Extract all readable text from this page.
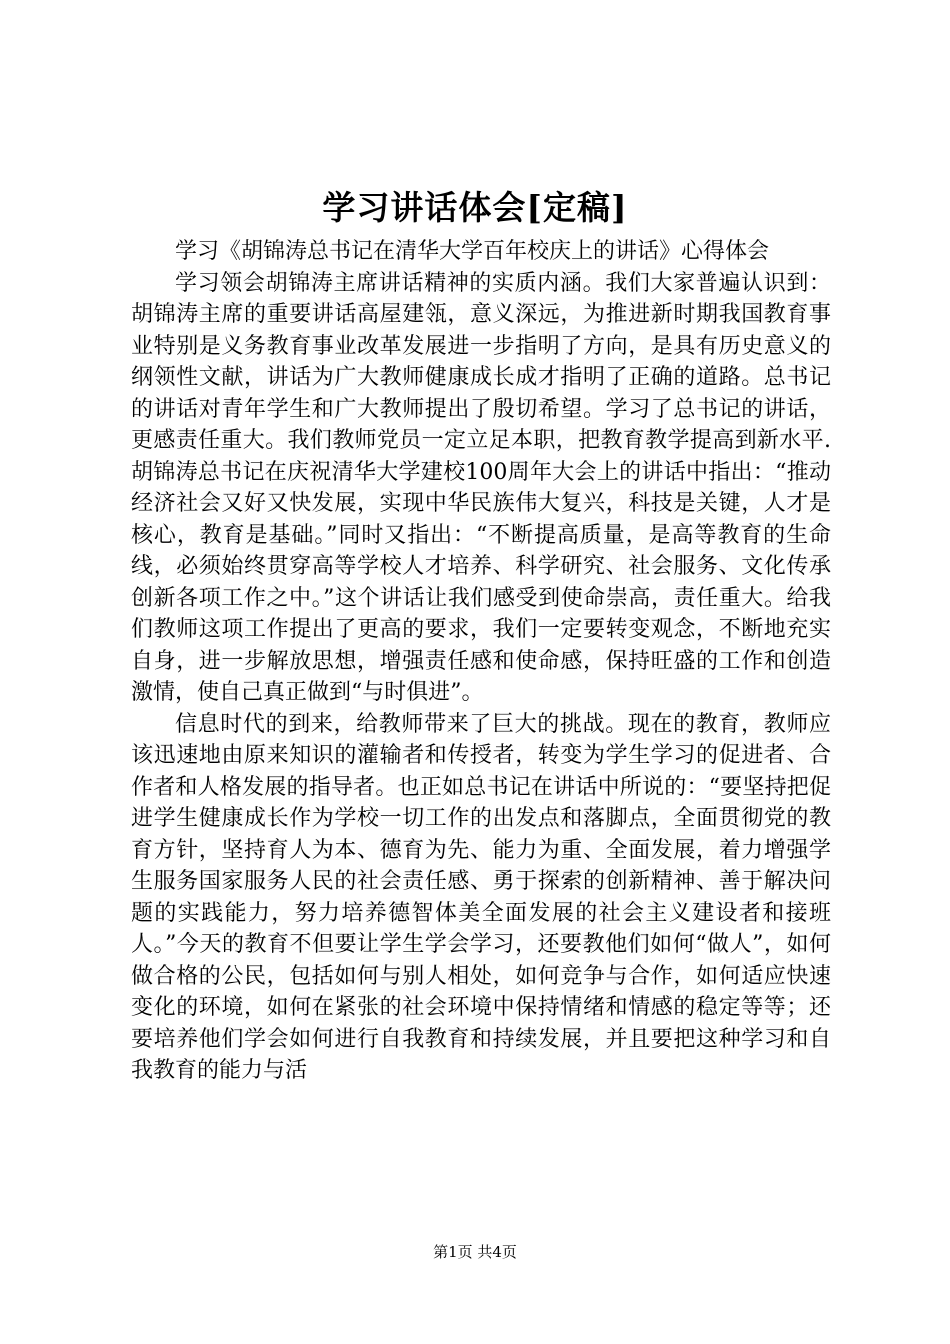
学习讲话体会[定稿]

学习《胡锦涛总书记在清华大学百年校庆上的讲话》心得体会

学习领会胡锦涛主席讲话精神的实质内涵。我们大家普遍认识到：胡锦涛主席的重要讲话高屋建瓴，意义深远，为推进新时期我国教育事业特别是义务教育事业改革发展进一步指明了方向，是具有历史意义的纲领性文献，讲话为广大教师健康成长成才指明了正确的道路。总书记的讲话对青年学生和广大教师提出了殷切希望。学习了总书记的讲话，更感责任重大。我们教师党员一定立足本职，把教育教学提高到新水平.胡锦涛总书记在庆祝清华大学建校100周年大会上的讲话中指出：“推动经济社会又好又快发展，实现中华民族伟大复兴，科技是关键，人才是核心，教育是基础。”同时又指出：“不断提高质量，是高等教育的生命线，必须始终贯穿高等学校人才培养、科学研究、社会服务、文化传承创新各项工作之中。”这个讲话让我们感受到使命崇高，责任重大。给我们教师这项工作提出了更高的要求，我们一定要转变观念，不断地充实自身，进一步解放思想，增强责任感和使命感，保持旺盛的工作和创造激情，使自己真正做到“与时俱进”。

信息时代的到来，给教师带来了巨大的挑战。现在的教育，教师应该迅速地由原来知识的灌输者和传授者，转变为学生学习的促进者、合作者和人格发展的指导者。也正如总书记在讲话中所说的：“要坚持把促进学生健康成长作为学校一切工作的出发点和落脚点，全面贯彻党的教育方针，坚持育人为本、德育为先、能力为重、全面发展，着力增强学生服务国家服务人民的社会责任感、勇于探索的创新精神、善于解决问题的实践能力，努力培养德智体美全面发展的社会主义建设者和接班人。”今天的教育不但要让学生学会学习，还要教他们如何“做人”，如何做合格的公民，包括如何与别人相处，如何竞争与合作，如何适应快速变化的环境，如何在紧张的社会环境中保持情绪和情感的稳定等等；还要培养他们学会如何进行自我教育和持续发展，并且要把这种学习和自我教育的能力与活

第1页 共4页
